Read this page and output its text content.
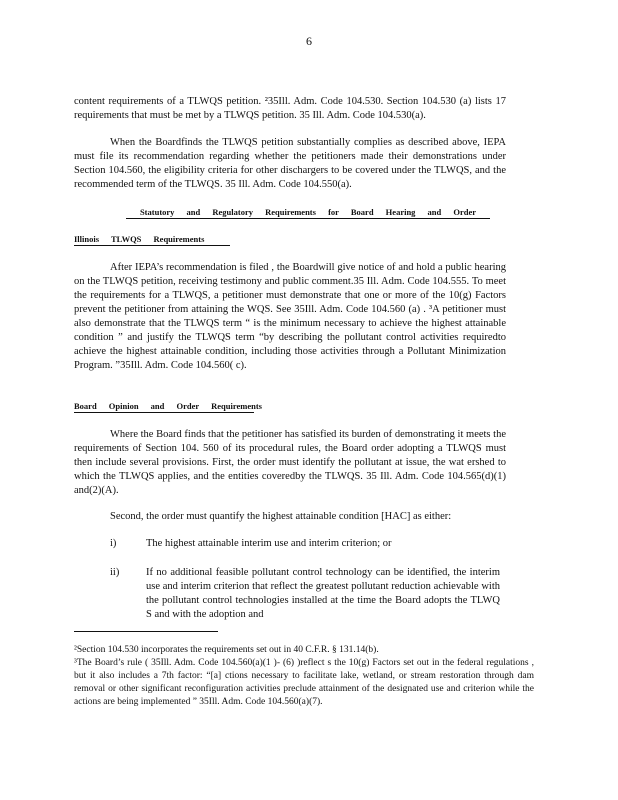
6
content requirements of a TLWQS petition. ²35Ill. Adm. Code 104.530. Section 104.530 (a) lists 17 requirements that must be met by a TLWQS petition. 35 Ill. Adm. Code 104.530(a).
When the Boardfinds the TLWQS petition substantially complies as described above, IEPA must file its recommendation regarding whether the petitioners made their demonstrations under Section 104.560, the eligibility criteria for other dischargers to be covered under the TLWQS, and the recommended term of the TLWQS. 35 Ill. Adm. Code 104.550(a).
Statutory and Regulatory Requirements for Board Hearing and Order
Illinois TLWQS Requirements
After IEPA’s recommendation is filed , the Boardwill give notice of and hold a public hearing on the TLWQS petition, receiving testimony and public comment.35 Ill. Adm. Code 104.555. To meet the requirements for a TLWQS, a petitioner must demonstrate that one or more of the 10(g) Factors prevent the petitioner from attaining the WQS. See 35Ill. Adm. Code 104.560 (a) . ³A petitioner must also demonstrate that the TLWQS term “ is the minimum necessary to achieve the highest attainable condition ” and justify the TLWQS term “by describing the pollutant control activities requiredto achieve the highest attainable condition, including those activities through a Pollutant Minimization Program. ”35Ill. Adm. Code 104.560( c).
Board Opinion and Order Requirements
Where the Board finds that the petitioner has satisfied its burden of demonstrating it meets the requirements of Section 104. 560 of its procedural rules, the Board order adopting a TLWQS must then include several provisions. First, the order must identify the pollutant at issue, the wat ershed to which the TLWQS applies, and the entities coveredby the TLWQS. 35 Ill. Adm. Code 104.565(d)(1) and(2)(A).
Second, the order must quantify the highest attainable condition [HAC] as either:
i)	The highest attainable interim use and interim criterion; or
ii)	If no additional feasible pollutant control technology can be identified, the interim use and interim criterion that reflect the greatest pollutant reduction achievable with the pollutant control technologies installed at the time the Board adopts the TLWQ S and with the adoption and

²Section 104.530 incorporates the requirements set out in 40 C.F.R. § 131.14(b).

³The Board’s rule ( 35Ill. Adm. Code 104.560(a)(1 )- (6) )reflect s the 10(g) Factors set out in the federal regulations , but it also includes a 7th factor: “[a] ctions necessary to facilitate lake, wetland, or stream restoration through dam removal or other significant reconfiguration activities preclude attainment of the designated use and criterion while the actions are being implemented ” 35Ill. Adm. Code 104.560(a)(7).
